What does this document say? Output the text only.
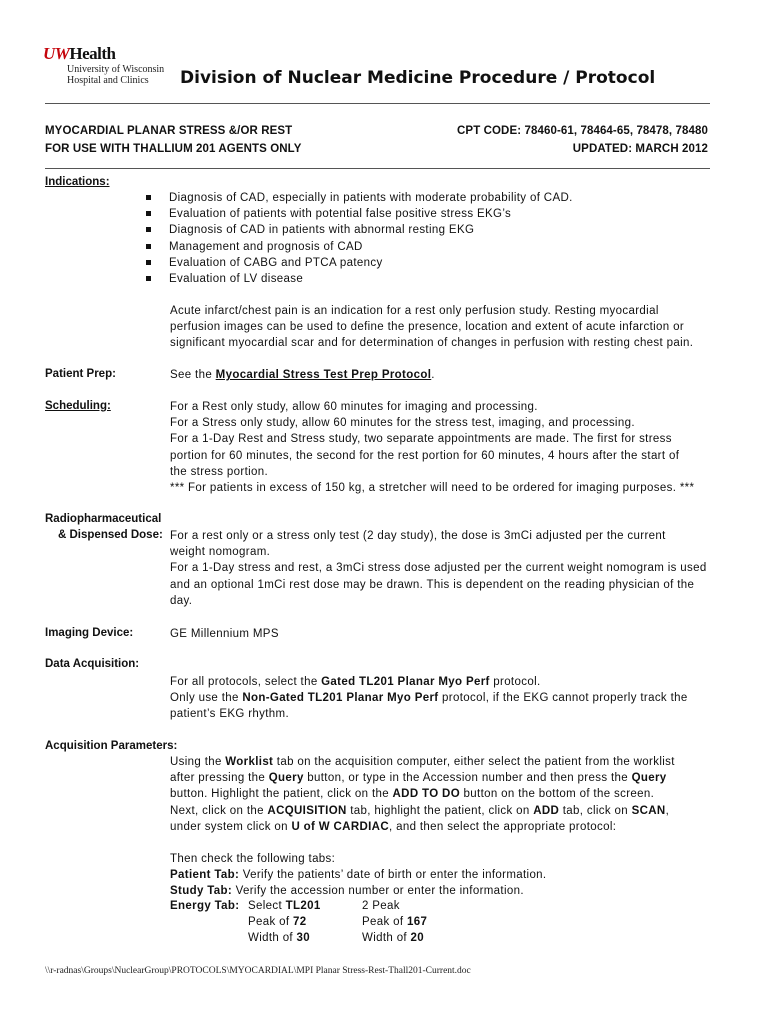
UWHealth
University of Wisconsin
Hospital and Clinics	Division of Nuclear Medicine Procedure / Protocol
MYOCARDIAL PLANAR STRESS &/OR REST
FOR USE WITH THALLIUM 201 AGENTS ONLY
CPT CODE: 78460-61, 78464-65, 78478, 78480
UPDATED: MARCH 2012
Indications:
Diagnosis of CAD, especially in patients with moderate probability of CAD.
Evaluation of patients with potential false positive stress EKG’s
Diagnosis of CAD in patients with abnormal resting EKG
Management and prognosis of CAD
Evaluation of CABG and PTCA patency
Evaluation of LV disease
Acute infarct/chest pain is an indication for a rest only perfusion study. Resting myocardial
perfusion images can be used to define the presence, location and extent of acute infarction or
significant myocardial scar and for determination of changes in perfusion with resting chest pain.
Patient Prep:	See the Myocardial Stress Test Prep Protocol.
Scheduling:	For a Rest only study, allow 60 minutes for imaging and processing.
For a Stress only study, allow 60 minutes for the stress test, imaging, and processing.
For a 1-Day Rest and Stress study, two separate appointments are made. The first for stress
portion for 60 minutes, the second for the rest portion for 60 minutes, 4 hours after the start of
the stress portion.
*** For patients in excess of 150 kg, a stretcher will need to be ordered for imaging purposes. ***
Radiopharmaceutical
& Dispensed Dose: For a rest only or a stress only test (2 day study), the dose is 3mCi adjusted per the current
weight nomogram.
For a 1-Day stress and rest, a 3mCi stress dose adjusted per the current weight nomogram is used
and an optional 1mCi rest dose may be drawn. This is dependent on the reading physician of the
day.
Imaging Device:	GE Millennium MPS
Data Acquisition:
For all protocols, select the Gated TL201 Planar Myo Perf protocol.
Only use the Non-Gated TL201 Planar Myo Perf protocol, if the EKG cannot properly track the
patient’s EKG rhythm.
Acquisition Parameters:
Using the Worklist tab on the acquisition computer, either select the patient from the worklist
after pressing the Query button, or type in the Accession number and then press the Query
button. Highlight the patient, click on the ADD TO DO button on the bottom of the screen.
Next, click on the ACQUISITION tab, highlight the patient, click on ADD tab, click on SCAN,
under system click on U of W CARDIAC, and then select the appropriate protocol:
Then check the following tabs:
Patient Tab: Verify the patients’ date of birth or enter the information.
Study Tab: Verify the accession number or enter the information.
Energy Tab:	Select TL201	2 Peak
	Peak of 72	Peak of 167
	Width of 30	Width of 20
\\r-radnas\Groups\NuclearGroup\PROTOCOLS\MYOCARDIAL\MPI Planar Stress-Rest-Thall201-Current.doc
